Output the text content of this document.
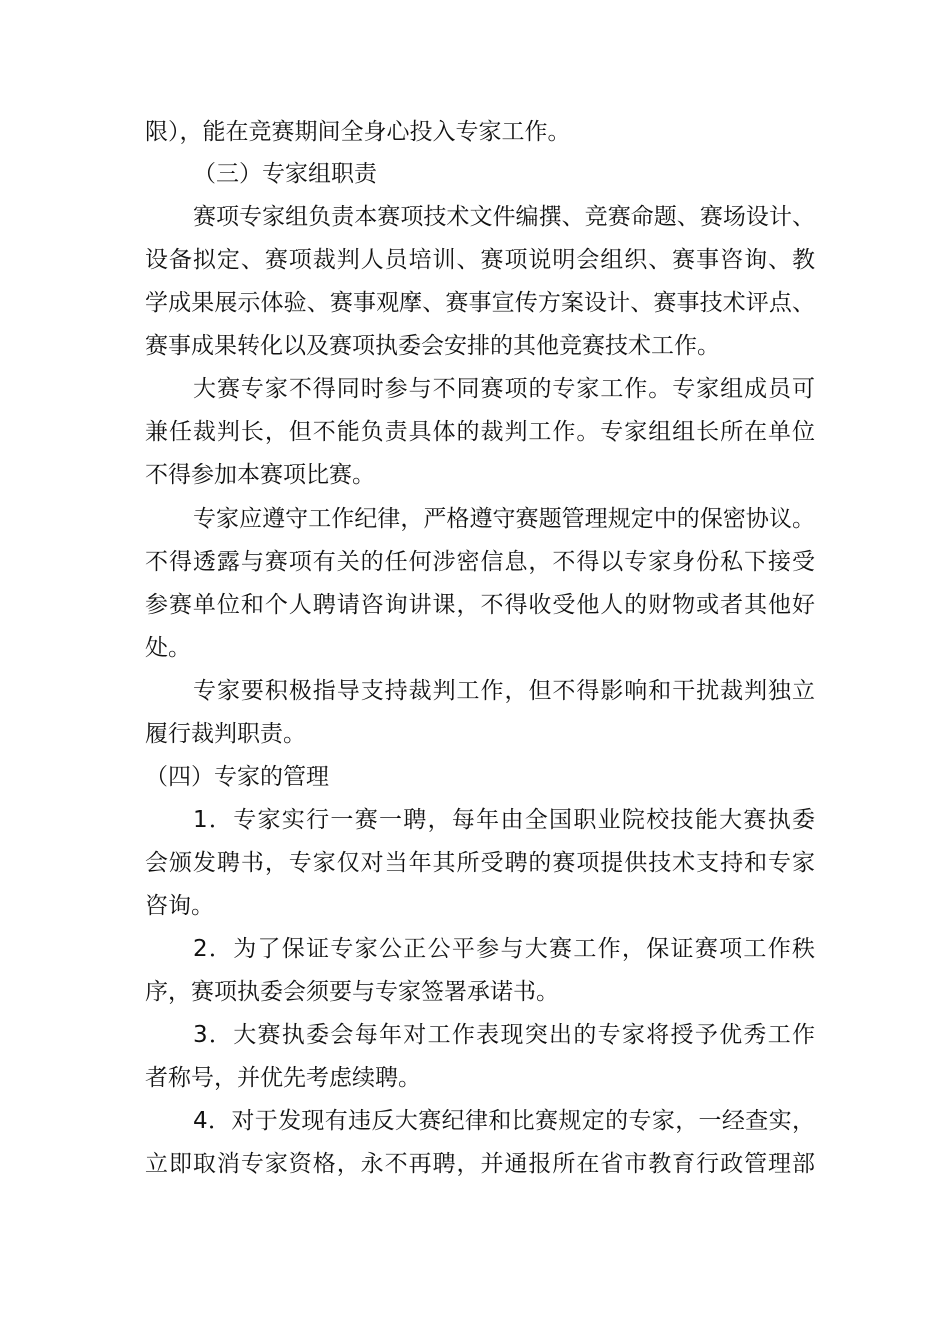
限），能在竞赛期间全身心投入专家工作。
（三）专家组职责
赛项专家组负责本赛项技术文件编撰、竞赛命题、赛场设计、
设备拟定、赛项裁判人员培训、赛项说明会组织、赛事咨询、教
学成果展示体验、赛事观摩、赛事宣传方案设计、赛事技术评点、
赛事成果转化以及赛项执委会安排的其他竞赛技术工作。
大赛专家不得同时参与不同赛项的专家工作。专家组成员可
兼任裁判长，但不能负责具体的裁判工作。专家组组长所在单位
不得参加本赛项比赛。
专家应遵守工作纪律，严格遵守赛题管理规定中的保密协议。
不得透露与赛项有关的任何涉密信息，不得以专家身份私下接受
参赛单位和个人聘请咨询讲课，不得收受他人的财物或者其他好
处。
专家要积极指导支持裁判工作，但不得影响和干扰裁判独立
履行裁判职责。
（四）专家的管理
1．专家实行一赛一聘，每年由全国职业院校技能大赛执委
会颁发聘书，专家仅对当年其所受聘的赛项提供技术支持和专家
咨询。
2．为了保证专家公正公平参与大赛工作，保证赛项工作秩
序，赛项执委会须要与专家签署承诺书。
3．大赛执委会每年对工作表现突出的专家将授予优秀工作
者称号，并优先考虑续聘。
4．对于发现有违反大赛纪律和比赛规定的专家，一经查实，
立即取消专家资格，永不再聘，并通报所在省市教育行政管理部
